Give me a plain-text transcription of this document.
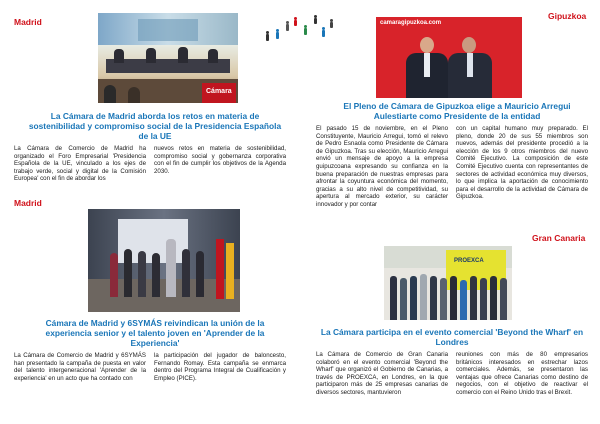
Madrid
Cámara
La Cámara de Madrid aborda los retos en materia de sostenibilidad y compromiso social de la Presidencia Española de la UE

La Cámara de Comercio de Madrid ha organizado el Foro Empresarial 'Presidencia Española de la UE, vinculado a los ejes de trabajo verde, social y digital de la Comisión Europea' con el fin de abordar los

nuevos retos en materia de sostenibilidad, compromiso social y gobernanza corporativa con el fin de cumplir los objetivos de la Agenda 2030.

Gipuzkoa
camaragipuzkoa.com
El Pleno de Cámara de Gipuzkoa elige a Mauricio Arregui Aulestiarte como Presidente de la entidad

El pasado 15 de noviembre, en el Pleno Constituyente, Mauricio Arregui, tomó el relevo de Pedro Esnaola como Presidente de Cámara de Gipuzkoa. Tras su elección, Mauricio Arregui envió un mensaje de apoyo a la empresa guipuzcoana expresando su confianza en la buena preparación de nuestras empresas para afrontar la coyuntura económica del momento, gracias a su alto nivel de competitividad, su apertura al mercado exterior, su carácter innovador y por contar

con un capital humano muy preparado. El pleno, donde 20 de sus 55 miembros son nuevos, además del presidente procedió a la elección de los 9 otros miembros del nuevo Comité Ejecutivo. La composición de este Comité Ejecutivo cuenta con representantes de sectores de actividad económica muy diversos, lo que implica la aportación de conocimiento para el desarrollo de la actividad de Cámara de Gipuzkoa.

Madrid
Cámara de Madrid y 6SYMÁS reivindican la unión de la experiencia senior y el talento joven en 'Aprender de la Experiencia'

La Cámara de Comercio de Madrid y 6SYMÁS han presentado la campaña de puesta en valor del talento intergeneracional 'Aprender de la experiencia' en un acto que ha contado con

la participación del jugador de baloncesto, Fernando Romay. Esta campaña se enmarca dentro del Programa Integral de Cualificación y Empleo (PICE).

Gran Canaria
PROEXCA
La Cámara participa en el evento comercial 'Beyond the Wharf' en Londres

La Cámara de Comercio de Gran Canaria colaboró en el evento comercial 'Beyond the Wharf' que organizó el Gobierno de Canarias, a través de PROEXCA, en Londres, en la que participaron más de 25 empresas canarias de diversos sectores, mantuvieron

reuniones con más de 80 empresarios británicos interesados en estrechar lazos comerciales. Además, se presentaron las ventajas que ofrece Canarias como destino de negocios, con el objetivo de reactivar el comercio con el Reino Unido tras el Brexit.
